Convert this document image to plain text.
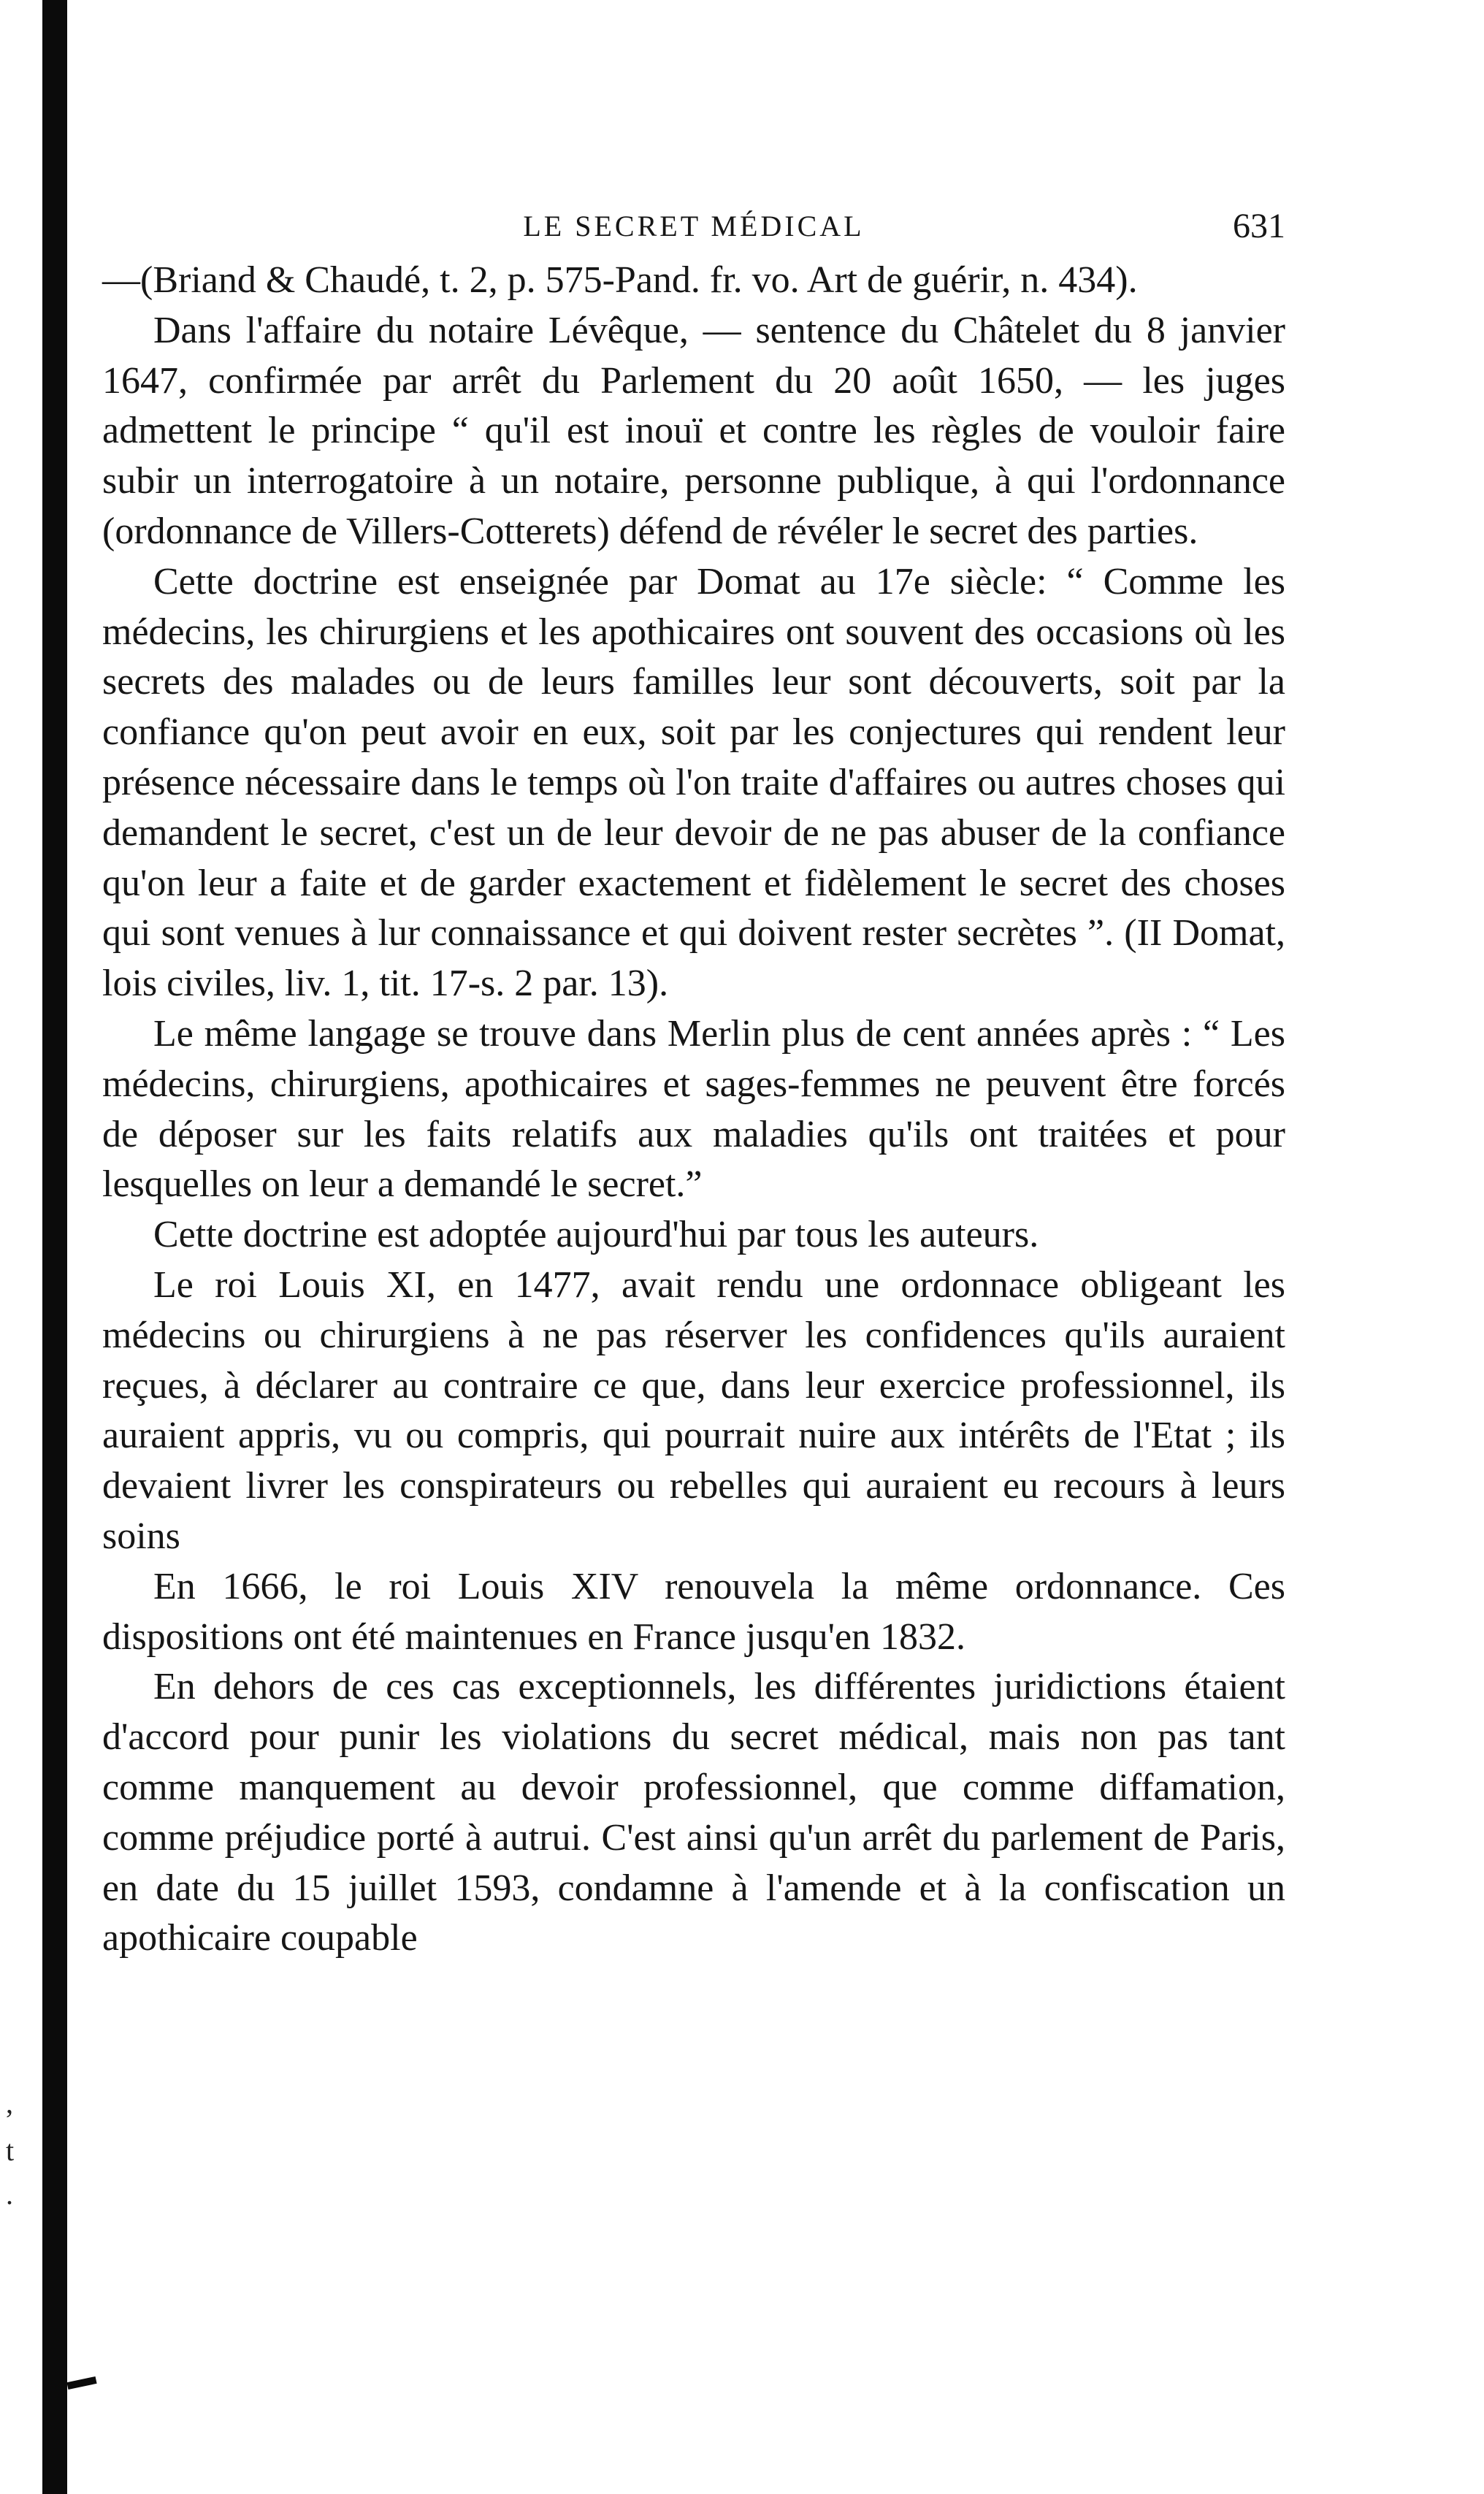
,
t
.
LE SECRET MÉDICAL	631

—(Briand & Chaudé, t. 2, p. 575-Pand. fr. vo. Art de guérir, n. 434).

Dans l'affaire du notaire Lévêque, — sentence du Châtelet du 8 janvier 1647, confirmée par arrêt du Parlement du 20 août 1650, — les juges admettent le principe “ qu'il est inouï et contre les règles de vouloir faire subir un interrogatoire à un notaire, personne publique, à qui l'ordonnance (ordonnance de Villers-Cotterets) défend de révéler le secret des parties.

Cette doctrine est enseignée par Domat au 17e siècle: “ Comme les médecins, les chirurgiens et les apothicaires ont souvent des occasions où les secrets des malades ou de leurs familles leur sont découverts, soit par la confiance qu'on peut avoir en eux, soit par les conjectures qui rendent leur présence nécessaire dans le temps où l'on traite d'affaires ou autres choses qui demandent le secret, c'est un de leur devoir de ne pas abuser de la confiance qu'on leur a faite et de garder exactement et fidèlement le secret des choses qui sont venues à lur connaissance et qui doivent rester secrètes ”. (II Domat, lois civiles, liv. 1, tit. 17-s. 2 par. 13).

Le même langage se trouve dans Merlin plus de cent années après : “ Les médecins, chirurgiens, apothicaires et sages-femmes ne peuvent être forcés de déposer sur les faits relatifs aux maladies qu'ils ont traitées et pour lesquelles on leur a demandé le secret.”

Cette doctrine est adoptée aujourd'hui par tous les auteurs.

Le roi Louis XI, en 1477, avait rendu une ordonnace obligeant les médecins ou chirurgiens à ne pas réserver les confidences qu'ils auraient reçues, à déclarer au contraire ce que, dans leur exercice professionnel, ils auraient appris, vu ou compris, qui pourrait nuire aux intérêts de l'Etat ; ils devaient livrer les conspirateurs ou rebelles qui auraient eu recours à leurs soins

En 1666, le roi Louis XIV renouvela la même ordonnance. Ces dispositions ont été maintenues en France jusqu'en 1832.

En dehors de ces cas exceptionnels, les différentes juridictions étaient d'accord pour punir les violations du secret médical, mais non pas tant comme manquement au devoir professionnel, que comme diffamation, comme préjudice porté à autrui. C'est ainsi qu'un arrêt du parlement de Paris, en date du 15 juillet 1593, condamne à l'amende et à la confiscation un apothicaire coupable
